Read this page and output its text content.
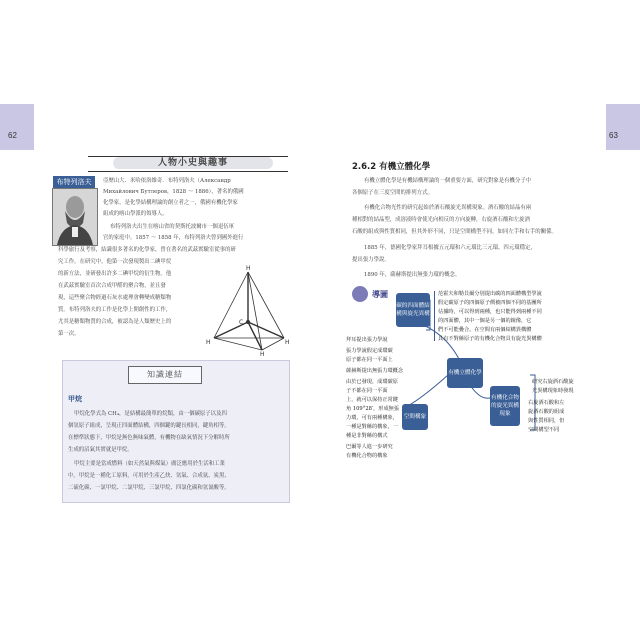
62
人物小史與趣事
布特列洛夫	亞歷山大．米哈依洛維奇．布特列洛夫（Александр

Михайлович Бутлеров，1828 ～ 1886），著名的俄國

化學家，是化學結構理論的創立者之一，俄國有機化學家

組成的喀山學派的領導人。

布特列洛夫出生在喀山省的契斯托波爾市一個退伍軍

官的家庭中。1857 ～ 1858 年，布特列洛夫曾到國外進行

科學旅行及考察，結識很多著名的化學家，曾在著名的武茲實驗室從事的研

究工作。在研究中，他第一次發現製出二碘甲烷

的新方法，並研發出許多二碘甲烷的衍生物。他

在武茲實驗室首次合成甲醛的聚合物，並且發

現，這些聚合物經過石灰水處理會轉變成糖類物

質。布特列洛夫的工作是化學上開創性的工作，

尤其是糖類物質的合成，被認為是人類歷史上的

第一次。

H
C
H	H
H
知識連結
甲烷

甲烷化學式為 CH₄，是結構最簡單的烷類，由一個碳原子以及四

個氫原子組成，呈現正四面體結構，四個鍵的鍵長相同，鍵角相等。

在標準狀態下，甲烷是無色無味氣體，有機物在缺氧情況下分解時所

生成的沼氣其實就是甲烷。

甲烷主要是當成燃料（如天然氣與煤氣）廣泛應用於生活和工業

中。甲烷是一種化工原料，可用於生產乙炔、氫氣、合成氨、炭黑、

二硫化碳、一氯甲烷、二氯甲烷、三氯甲烷、四氯化碳和氫氰酸等。

63
2.6.2 有機立體化學

有機立體化學是有機結構理論的一個重要方面，研究對象是有機分子中

各個原子在三度空間的排列方式。

有機化合物光性的研究起始於酒石酸旋光異構現象。酒石酸的結晶有兩

種相對的結晶型，成溶液時會使光向相反的方向旋轉，右旋酒石酸和左旋酒

石酸的組成與性質相同，但其外形不同，只是空間構型不同，如同左手和右手的關係。

1885 年，德國化學家拜耳根據五元環和六元環比三元環、四元環穩定，

提出張力學說。

1890 年，薩赫斯提出無張力環的概念。

導圖
碳的四面體結構與旋光異構
有機立體化學
空間構象
有機化合物的旋光異構現象

范霍夫和勒貝爾分別提出碳的四面體構型學說

假定碳原子的四個原子價被四個不同的基團所

佔據時，可以得到兩種，也只能得到兩種不同

的四面體，其中一個是另一個的鏡像，它

們不可能疊合。在空間有兩個結構異構體

具有不對稱原子的有機化合物具有旋光異構體

拜耳提出張力學說

張力學說假定成環碳

原子都在同一平面上

薩赫斯提出無張力環概念

由於已發現，成環碳原

子不都在同一平面

上，就可以保持正常鍵

角 109°28′，形成無張

力環，可有兩種構象，

一種是對稱的構象，一

種是非對稱的構式

巴爾等人進一步研究

有機化合物的構象

研究右旋酒石酸旋

光異構現象時發現

右旋酒石酸和左

旋酒石酸的組成

與性質相同，但

空間構型不同
